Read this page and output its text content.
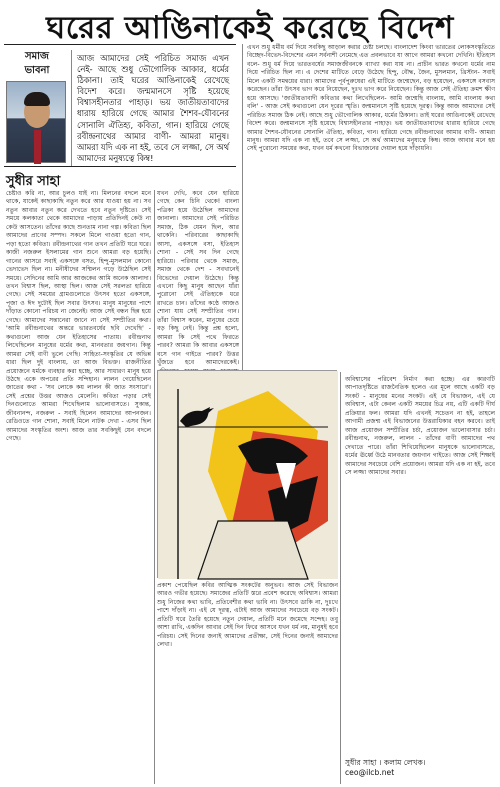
ঘরের আঙিনাকেই করেছে বিদেশ
সমাজ
ভাবনা
আজ আমাদের সেই পরিচিত সমাজ এখন নেই- আছে শুধু ভৌগোলিক আকার, ধর্মের ঠিকানা। তাই ঘরের আঙিনাকেই রেখেছে বিদেশ করে। জন্মমানসে সৃষ্টি হয়েছে বিশ্বাসহীনতার পাহাড়। ভয় জাতীয়তাবাদের ধারায় হারিয়ে গেছে আমার শৈশব-যৌবনের সোনালি ঐতিহ্য, কবিতা, গান। হারিয়ে গেছে রবীন্দ্রনাথের আমার বাণী- আমরা মানুষ। আমরা যদি এক না হই, তবে সে লজ্জা, সে অর্থ আমাদের মনুষ্যত্বে কিম্ব!
সুধীর সাহা

এখন শুধু ধর্মীয় বর্ম দিয়ে সবকিছু আড়াল করার চেষ্টা চলছে। বাংলাদেশ কিংবা ভারতের লোকসংস্কৃতিতে বিচ্ছেদ-বিভেদ-বিদেশের এমন সর্বনাশী নেমেছে এত প্রবলভাবে যা আগে আমরা কখনো দেখিনি। ইতিহাস বলে- শুধু ধর্ম দিয়ে ভারতবর্ষের সমাজজীবনকে ব্যাখ্যা করা যায় না। প্রাচীন ভারত কখনো ধর্মের নাম দিয়ে পরিচিত ছিল না। এ দেশের মাটিতে বেড়ে উঠেছে হিন্দু, বৌদ্ধ, জৈন, মুসলমান, খ্রিস্টান- সবাই মিলে একটি সমন্বয়ের ধারা। আমাদের পূর্বপুরুষেরা এই মাটিতে জন্মেছেন, বড় হয়েছেন, একসঙ্গে বসবাস করেছেন। তাঁরা উৎসব ভাগ করে নিয়েছেন, দুঃখ ভাগ করে নিয়েছেন। কিন্তু আজ সেই ঐতিহ্য ক্রমশ ক্ষীণ হয়ে আসছে। 'জাতীয়তাবাদী কবিতার কথা লিখেছিলেন- আমি জন্মেছি বাংলায়, আমি বাংলায় কথা বলি' - আজ সেই কথাগুলো যেন দূরের স্মৃতি। জন্মমানসে সৃষ্টি হয়েছে দূরত্ব। কিন্তু আজ আমাদের সেই পরিচিত সমাজ ঠিক নেই। আছে শুধু ভৌগোলিক আকার, ধর্মের ঠিকানা। তাই ঘরের আঙিনাকেই রেখেছে বিদেশ করে। জন্মমানসে সৃষ্টি হয়েছে বিশ্বাসহীনতার পাহাড়। ভয় জাতীয়তাবাদের ধারায় হারিয়ে গেছে আমার শৈশব-যৌবনের সোনালি ঐতিহ্য, কবিতা, গান। হারিয়ে গেছে রবীন্দ্রনাথের আমার বাণী- আমরা মানুষ। আমরা যদি এক না হই, তবে সে লজ্জা, সে অর্থ আমাদের মনুষ্যত্বে কিম্ব। আজ আবার মনে হয় সেই পুরোনো সময়ের কথা, যখন ধর্ম কখনো বিভাজনের দেয়াল হয়ে দাঁড়ায়নি।

চেষ্টাও করি না, আর চুলও যাই না। মিলনের বদলে মনে থাকে, যাকেই কাছাকাছি নতুন করে আর যাওয়া হয় না। সব নতুন আবার নতুন করে দেখতে হবে নতুন দৃষ্টিতে। সেই সময়ে কলকাতা থেকে আমাদের পাড়ায় প্রতিদিনই কেউ না কেউ আসতেন। তাঁদের কাছে শুনতাম নানা গল্প। কবিতা ছিল আমাদের প্রাণের সম্পদ। সকলে মিলে গাওয়া হতো গান, পড়া হতো কবিতা। রবীন্দ্রনাথের গান তখন প্রতিটি ঘরে ঘরে। কাজী নজরুল ইসলামের গান শুনে আমরা বড় হয়েছি। গানের আসরে সবাই একসঙ্গে বসত, হিন্দু-মুসলমান কোনো ভেদাভেদ ছিল না। মনীষীদের সম্মিলন গড়ে উঠেছিল সেই সময়ে। সেদিনের আমি আর আজকের আমি অনেক আলাদা। তখন বিশ্বাস ছিল, আস্থা ছিল। আজ সেই সরলতা হারিয়ে গেছে। সেই সময়ের গ্রামগুলোতে উৎসব হতো একসঙ্গে, পূজা ও ঈদ দুটোই ছিল সবার উৎসব। মানুষ মানুষের পাশে দাঁড়াত কোনো পরিচয় না জেনেই। আজ সেই বন্ধন ছিন্ন হয়ে গেছে। আমাদের সন্তানেরা জানে না সেই সম্প্রীতির কথা। 'আমি রবীন্দ্রনাথের অন্তরে ভারতবর্ষের ছবি দেখেছি' - কথাগুলো আজ যেন ইতিহাসের পাতায়। রবীন্দ্রনাথ লিখেছিলেন মানুষের ধর্মের কথা, মানবতার জয়গান। কিন্তু আমরা সেই বাণী ভুলে গেছি। সাহিত্য-সংস্কৃতির যে অভিন্ন ধারা ছিল দুই বাংলায়, তা আজ বিভক্ত। রাজনীতির প্রয়োজনে ধর্মকে ব্যবহার করা হচ্ছে, আর সাধারণ মানুষ হয়ে উঠছে একে অপরের প্রতি সন্দিহান। লালন গেয়েছিলেন জাতের কথা - 'সব লোকে কয় লালন কী জাত সংসারে'। সেই প্রশ্নের উত্তর আজও মেলেনি। কবিতা পড়ার সেই দিনগুলোতে আমরা শিখেছিলাম ভালোবাসতে। সুকান্ত, জীবনানন্দ, নজরুল - সবাই ছিলেন আমাদের আপনজন। রেডিওতে গান শোনা, সবাই মিলে নাটক দেখা - এসব ছিল আমাদের সংস্কৃতির অংশ। আজ তার সবকিছুই যেন বদলে গেছে।

যখন দেখি, কবে যেন হারিয়ে গেছে কেন চিনি থেকে! বাংলা পত্রিকা হয়ে উঠেছিল আমাদের জানালা। আমাদের সেই পরিচিত সমাজ, ঠিক যেমন ছিল, আর থাকেনি। পরিবারের কাছাকাছি আসা, একসঙ্গে বসা, ইতিহাস শোনা - সেই সব দিন গেছে হারিয়ে। পরিবার থেকে সমাজ, সমাজ থেকে দেশ - সবখানেই বিভেদের দেয়াল উঠেছে। কিন্তু এখনো কিছু মানুষ আছেন যাঁরা পুরোনো সেই ঐতিহ্যকে ধরে রাখতে চান। তাঁদের কণ্ঠে আজও শোনা যায় সেই সম্প্রীতির গান। তাঁরা বিশ্বাস করেন, মানুষের চেয়ে বড় কিছু নেই। কিন্তু প্রশ্ন হলো, আমরা কি সেই পথে ফিরতে পারব? আমরা কি আবার একসঙ্গে বসে গান গাইতে পারব? উত্তর খুঁজতে হবে আমাদেরকেই।

প্রকাশ পেয়েছিল কবির আত্মিক সংকটের অনুভব। আজ সেই বিভাজন আরও গভীর হয়েছে। সমাজের প্রতিটি স্তরে প্রবেশ করেছে অবিশ্বাস। আমরা শুধু নিজের কথা ভাবি, প্রতিবেশীর কথা ভাবি না। উৎসবে ডাকি না, দুঃখে পাশে দাঁড়াই না। এই যে দূরত্ব, এটাই আজ আমাদের সবচেয়ে বড় সংকট। প্রতিটি ঘরে তৈরি হয়েছে নতুন দেয়াল, প্রতিটি মনে জমেছে সন্দেহ। তবু আশা রাখি, একদিন আবার সেই দিন ফিরে আসবে যখন ধর্ম নয়, মানুষই হবে পরিচয়। সেই দিনের জন্যই আমাদের প্রতীক্ষা, সেই দিনের জন্যই আমাদের লেখা।

অবিশ্বাসের পরিবেশ নির্মাণ করা হচ্ছে। এর কারণটি আপাতদৃষ্টিতে রাজনৈতিক হলেও এর মূলে আছে একটি বড় সংকট - মানুষের মনের সংকট। এই যে বিভাজন, এই যে অবিশ্বাস, এটা কেবল একটি সময়ের চিত্র নয়, এটি একটি দীর্ঘ প্রক্রিয়ার ফল। আমরা যদি এখনই সচেতন না হই, তাহলে আগামী প্রজন্ম এই বিভাজনের উত্তরাধিকার বহন করবে। তাই আজ প্রয়োজন সম্প্রীতির চর্চা, প্রয়োজন ভালোবাসার চর্চা। রবীন্দ্রনাথ, নজরুল, লালন - তাঁদের বাণী আমাদের পথ দেখাতে পারে। তাঁরা শিখিয়েছিলেন মানুষকে ভালোবাসতে, ধর্মের ঊর্ধ্বে উঠে মানবতার জয়গান গাইতে। আজ সেই শিক্ষাই আমাদের সবচেয়ে বেশি প্রয়োজন। আমরা যদি এক না হই, তবে সে লজ্জা আমাদের সবার।

সুধীর সাহা । কলাম লেখক।
ceo@ilcb.net
